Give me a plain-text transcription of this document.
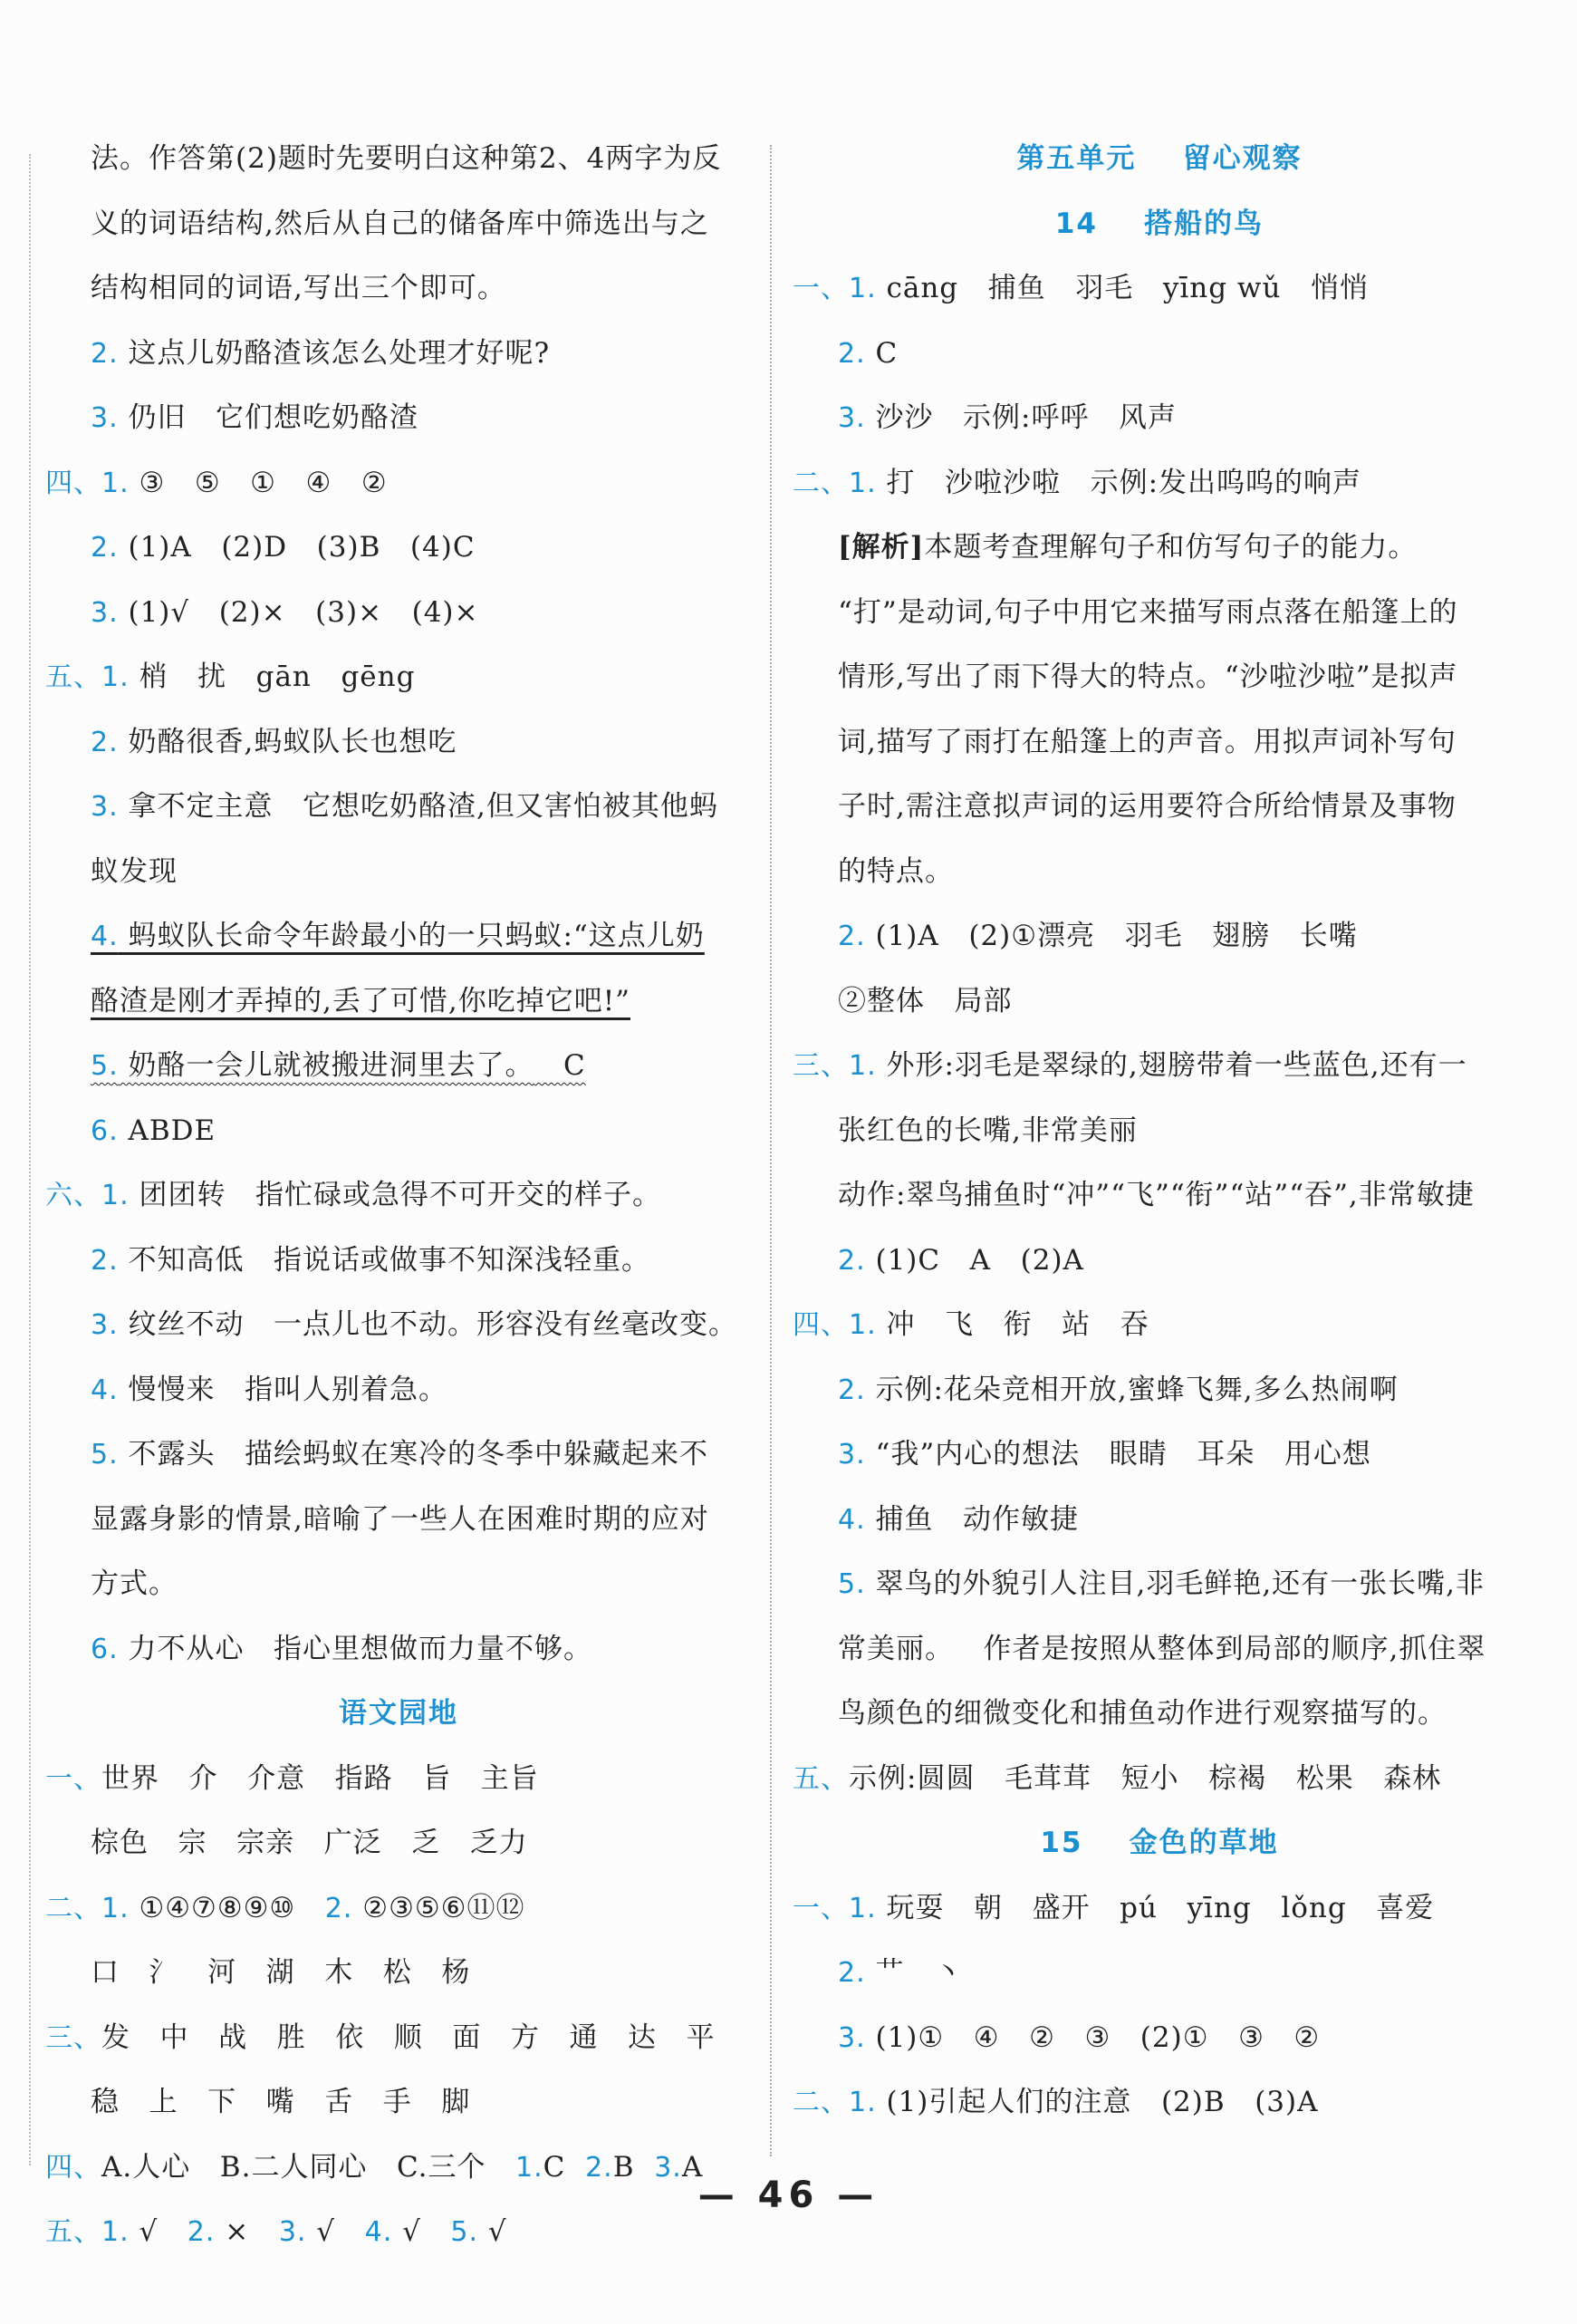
法。作答第(2)题时先要明白这种第2、4两字为反
义的词语结构,然后从自己的储备库中筛选出与之
结构相同的词语,写出三个即可。
2. 这点儿奶酪渣该怎么处理才好呢?
3. 仍旧   它们想吃奶酪渣
四、1. ③   ⑤   ①   ④   ②
2. (1)A   (2)D   (3)B   (4)C
3. (1)√   (2)×   (3)×   (4)×
五、1. 梢   扰   gān   gēng
2. 奶酪很香,蚂蚁队长也想吃
3. 拿不定主意   它想吃奶酪渣,但又害怕被其他蚂
蚁发现
4. 蚂蚁队长命令年龄最小的一只蚂蚁:“这点儿奶
酪渣是刚才弄掉的,丢了可惜,你吃掉它吧!”
5. 奶酪一会儿就被搬进洞里去了。   C
6. ABDE
六、1. 团团转   指忙碌或急得不可开交的样子。
2. 不知高低   指说话或做事不知深浅轻重。
3. 纹丝不动   一点儿也不动。形容没有丝毫改变。
4. 慢慢来   指叫人别着急。
5. 不露头   描绘蚂蚁在寒冷的冬季中躲藏起来不
显露身影的情景,暗喻了一些人在困难时期的应对
方式。
6. 力不从心   指心里想做而力量不够。
语文园地
一、世界   介   介意   指路   旨   主旨
棕色   宗   宗亲   广泛   乏   乏力
二、1. ①④⑦⑧⑨⑩   2. ②③⑤⑥⑪⑫
口   氵   河   湖   木   松   杨
三、发   中   战   胜   依   顺   面   方   通   达   平
稳   上   下   嘴   舌   手   脚
四、A.人心   B.二人同心   C.三个   1.C  2.B  3.A
五、1. √   2. ×   3. √   4. √   5. √
第五单元    留心观察
14    搭船的鸟
一、1. cāng   捕鱼   羽毛   yīng wǔ   悄悄
2. C
3. 沙沙   示例:呼呼   风声
二、1. 打   沙啦沙啦   示例:发出呜呜的响声
[解析]本题考查理解句子和仿写句子的能力。
“打”是动词,句子中用它来描写雨点落在船篷上的
情形,写出了雨下得大的特点。“沙啦沙啦”是拟声
词,描写了雨打在船篷上的声音。用拟声词补写句
子时,需注意拟声词的运用要符合所给情景及事物
的特点。
2. (1)A   (2)①漂亮   羽毛   翅膀   长嘴
②整体   局部
三、1. 外形:羽毛是翠绿的,翅膀带着一些蓝色,还有一
张红色的长嘴,非常美丽
动作:翠鸟捕鱼时“冲”“飞”“衔”“站”“吞”,非常敏捷
2. (1)C   A   (2)A
四、1. 冲   飞   衔   站   吞
2. 示例:花朵竞相开放,蜜蜂飞舞,多么热闹啊
3. “我”内心的想法   眼睛   耳朵   用心想
4. 捕鱼   动作敏捷
5. 翠鸟的外貌引人注目,羽毛鲜艳,还有一张长嘴,非
常美丽。   作者是按照从整体到局部的顺序,抓住翠
鸟颜色的细微变化和捕鱼动作进行观察描写的。
五、示例:圆圆   毛茸茸   短小   棕褐   松果   森林
15    金色的草地
一、1. 玩耍   朝   盛开   pú   yīng   lǒng   喜爱
2. 艹   丶
3. (1)①   ④   ②   ③   (2)①   ③   ②
二、1. (1)引起人们的注意   (2)B   (3)A
— 46 —
